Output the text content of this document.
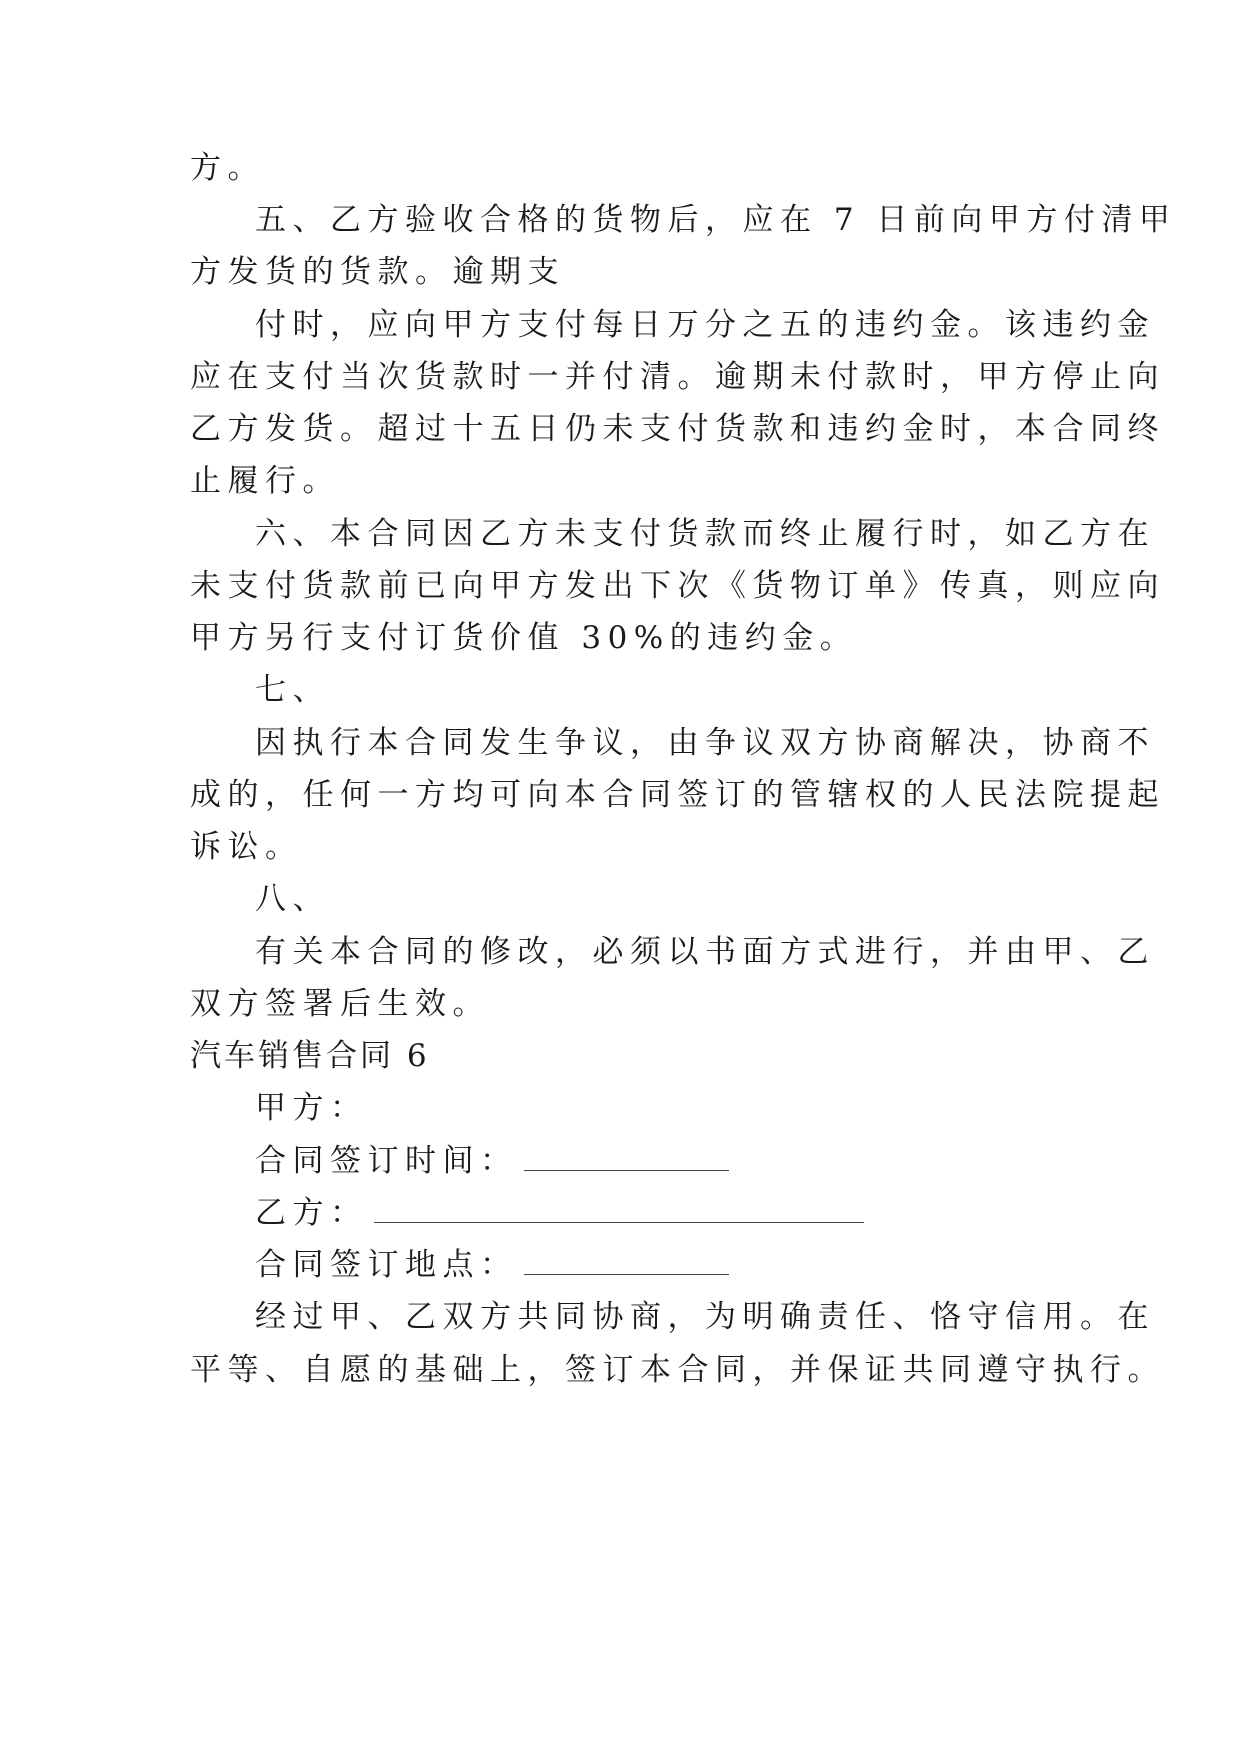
方。
五、乙方验收合格的货物后，应在 7 日前向甲方付清甲
方发货的货款。逾期支
付时，应向甲方支付每日万分之五的违约金。该违约金
应在支付当次货款时一并付清。逾期未付款时，甲方停止向
乙方发货。超过十五日仍未支付货款和违约金时，本合同终
止履行。
六、本合同因乙方未支付货款而终止履行时，如乙方在
未支付货款前已向甲方发出下次《货物订单》传真，则应向
甲方另行支付订货价值 30%的违约金。
七、
因执行本合同发生争议，由争议双方协商解决，协商不
成的，任何一方均可向本合同签订的管辖权的人民法院提起
诉讼。
八、
有关本合同的修改，必须以书面方式进行，并由甲、乙
双方签署后生效。
汽车销售合同 6
甲方：
合同签订时间：
乙方：
合同签订地点：
经过甲、乙双方共同协商，为明确责任、恪守信用。在
平等、自愿的基础上，签订本合同，并保证共同遵守执行。
